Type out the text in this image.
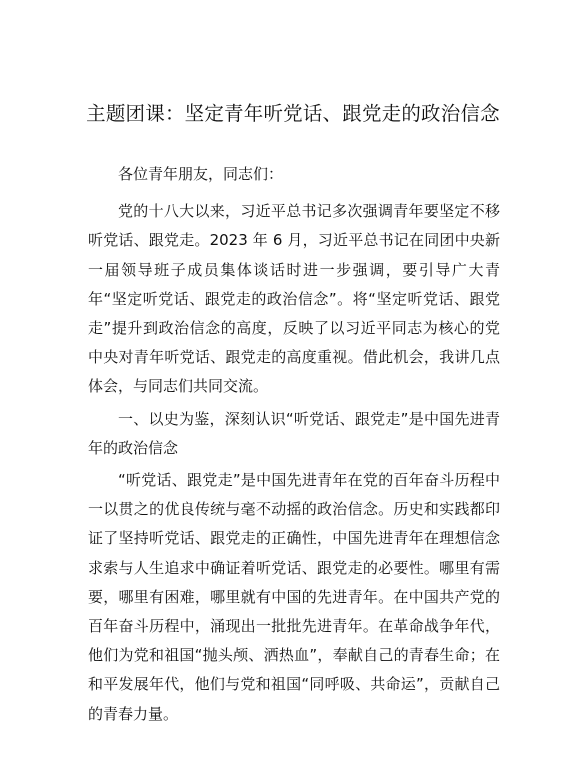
主题团课：坚定青年听党话、跟党走的政治信念

各位青年朋友，同志们：

党的十八大以来，习近平总书记多次强调青年要坚定不移听党话、跟党走。2023 年 6 月，习近平总书记在同团中央新一届领导班子成员集体谈话时进一步强调，要引导广大青年“坚定听党话、跟党走的政治信念”。将“坚定听党话、跟党走”提升到政治信念的高度，反映了以习近平同志为核心的党中央对青年听党话、跟党走的高度重视。借此机会，我讲几点体会，与同志们共同交流。

一、以史为鉴，深刻认识“听党话、跟党走”是中国先进青年的政治信念

“听党话、跟党走”是中国先进青年在党的百年奋斗历程中一以贯之的优良传统与毫不动摇的政治信念。历史和实践都印证了坚持听党话、跟党走的正确性，中国先进青年在理想信念求索与人生追求中确证着听党话、跟党走的必要性。哪里有需要，哪里有困难，哪里就有中国的先进青年。在中国共产党的百年奋斗历程中，涌现出一批批先进青年。在革命战争年代，他们为党和祖国“抛头颅、洒热血”，奉献自己的青春生命；在和平发展年代，他们与党和祖国“同呼吸、共命运”，贡献自己的青春力量。
